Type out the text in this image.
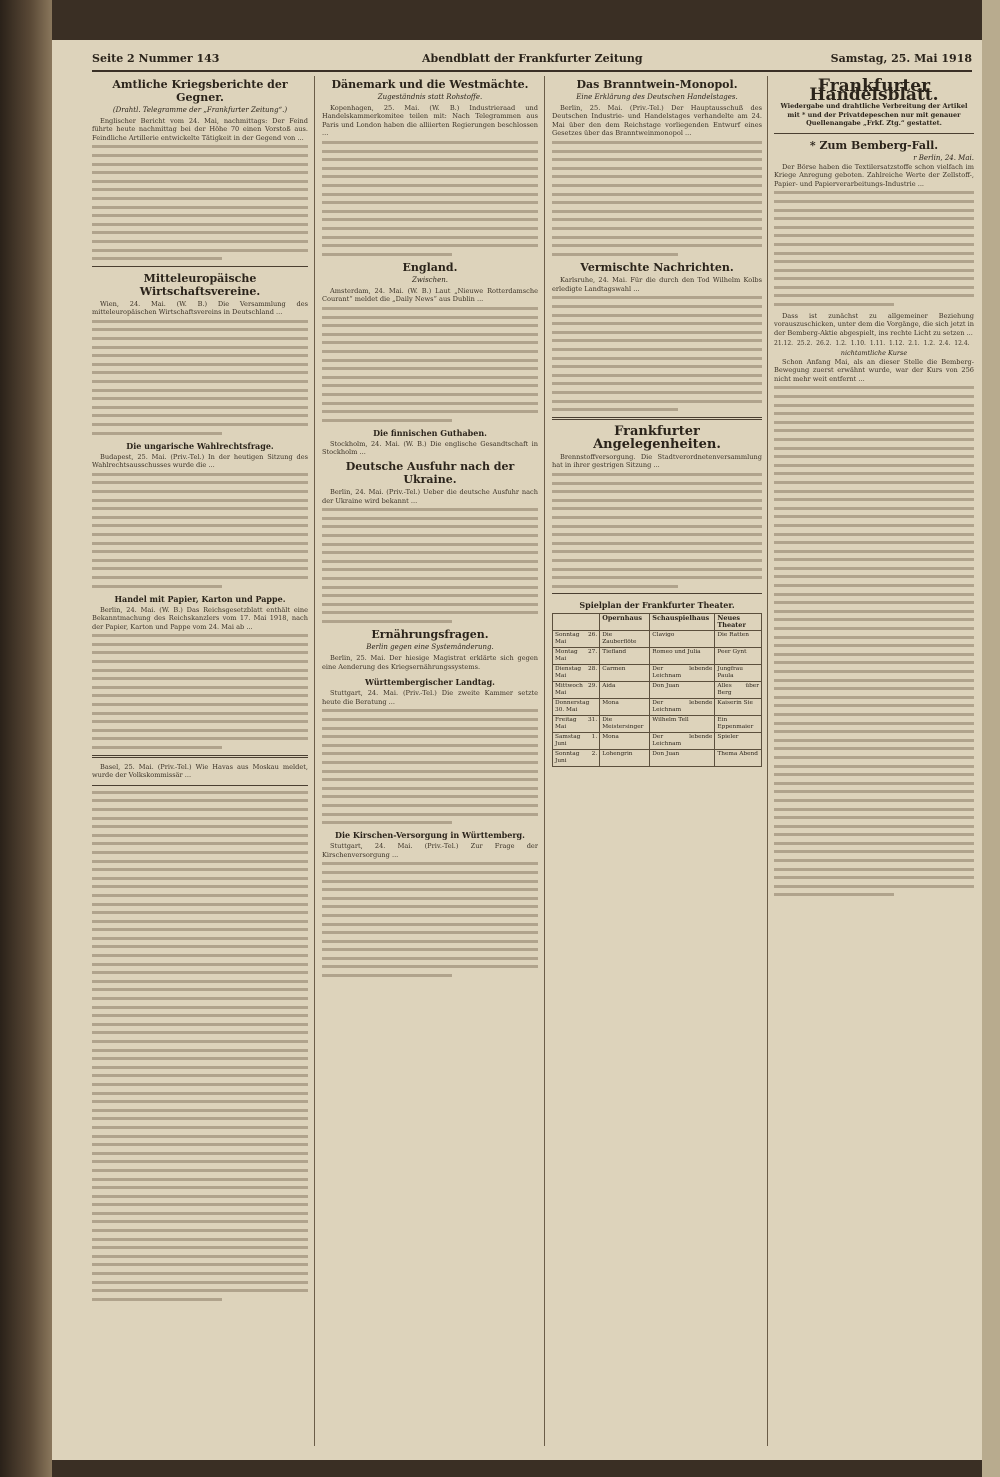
Seite 2 Nummer 143	Abendblatt der Frankfurter Zeitung	Samstag, 25. Mai 1918
Amtliche Kriegsberichte der Gegner.
(Drahtl. Telegramme der „Frankfurter Zeitung“.)

Englischer Bericht vom 24. Mai, nachmittags: Der Feind führte heute nachmittag bei der Höhe 70 einen Vorstoß aus. Feindliche Artillerie entwickelte Tätigkeit in der Gegend von ...

Mitteleuropäische Wirtschaftsvereine.

Wien, 24. Mai. (W. B.) Die Versammlung des mitteleuropäischen Wirtschaftsvereins in Deutschland ...

Die ungarische Wahlrechtsfrage.

Budapest, 25. Mai. (Priv.-Tel.) In der heutigen Sitzung des Wahlrechtsausschusses wurde die ...

Handel mit Papier, Karton und Pappe.

Berlin, 24. Mai. (W. B.) Das Reichsgesetzblatt enthält eine Bekanntmachung des Reichskanzlers vom 17. Mai 1918, nach der Papier, Karton und Pappe vom 24. Mai ab ...

Basel, 25. Mai. (Priv.-Tel.) Wie Havas aus Moskau meldet, wurde der Volkskommissär ...

Dänemark und die Westmächte.
Zugeständnis statt Rohstoffe.

Kopenhagen, 25. Mai. (W. B.) Industrieraad und Handelskammerkomitee teilen mit: Nach Telegrammen aus Paris und London haben die alliierten Regierungen beschlossen ...

England.
Zwischen.

Amsterdam, 24. Mai. (W. B.) Laut „Nieuwe Rotterdamsche Courant“ meldet die „Daily News“ aus Dublin ...

Die finnischen Guthaben.

Stockholm, 24. Mai. (W. B.) Die englische Gesandtschaft in Stockholm ...

Deutsche Ausfuhr nach der Ukraine.

Berlin, 24. Mai. (Priv.-Tel.) Ueber die deutsche Ausfuhr nach der Ukraine wird bekannt ...

Ernährungsfragen.
Berlin gegen eine Systemänderung.

Berlin, 25. Mai. Der hiesige Magistrat erklärte sich gegen eine Aenderung des Kriegsernährungssystems.

Württembergischer Landtag.

Stuttgart, 24. Mai. (Priv.-Tel.) Die zweite Kammer setzte heute die Beratung ...

Die Kirschen-Versorgung in Württemberg.

Stuttgart, 24. Mai. (Priv.-Tel.) Zur Frage der Kirschenversorgung ...

Das Branntwein-Monopol.
Eine Erklärung des Deutschen Handelstages.

Berlin, 25. Mai. (Priv.-Tel.) Der Hauptausschuß des Deutschen Industrie- und Handelstages verhandelte am 24. Mai über den dem Reichstage vorliegenden Entwurf eines Gesetzes über das Branntweinmonopol ...

Vermischte Nachrichten.

Karlsruhe, 24. Mai. Für die durch den Tod Wilhelm Kolbs erledigte Landtagswahl ...

Frankfurter Angelegenheiten.

Brennstoffversorgung. Die Stadtverordnetenversammlung hat in ihrer gestrigen Sitzung ...

Spielplan der Frankfurter Theater.
	Opernhaus	Schauspielhaus	Neues Theater
Sonntag 26. Mai	Die Zauberflöte	Clavigo	Die Ratten
Montag 27. Mai	Tiefland	Romeo und Julia	Peer Gynt
Dienstag 28. Mai	Carmen	Der lebende Leichnam	Jungfrau Paula
Mittwoch 29. Mai	Aida	Don Juan	Alles über Berg
Donnerstag 30. Mai	Mona	Der lebende Leichnam	Kaiserin Sie
Freitag 31. Mai	Die Meistersinger	Wilhelm Tell	Ein Eppenmaier
Samstag 1. Juni	Mona	Der lebende Leichnam	Spieler
Sonntag 2. Juni	Lohengrin	Don Juan	Thema Abend
Frankfurter Handelsblatt.
Wiedergabe und drahtliche Verbreitung der Artikel mit * und der Privatdepeschen nur mit genauer Quellenangabe „Frkf. Ztg.“ gestattet.
* Zum Bemberg-Fall.
r Berlin, 24. Mai.

Der Börse haben die Textilersatzstoffe schon vielfach im Kriege Anregung geboten. Zahlreiche Werte der Zellstoff-, Papier- und Papierverarbeitungs-Industrie ...

Dass ist zunächst zu allgemeiner Beziehung vorauszuschicken, unter dem die Vorgänge, die sich jetzt in der Bemberg-Aktie abgespielt, ins rechte Licht zu setzen ...

21.12. 25.2. 26.2. 1.2. 1.10. 1.11. 1.12. 2.1. 1.2. 2.4. 12.4.
nichtamtliche Kurse

Schon Anfang Mai, als an dieser Stelle die Bemberg-Bewegung zuerst erwähnt wurde, war der Kurs von 256 nicht mehr weit entfernt ...
